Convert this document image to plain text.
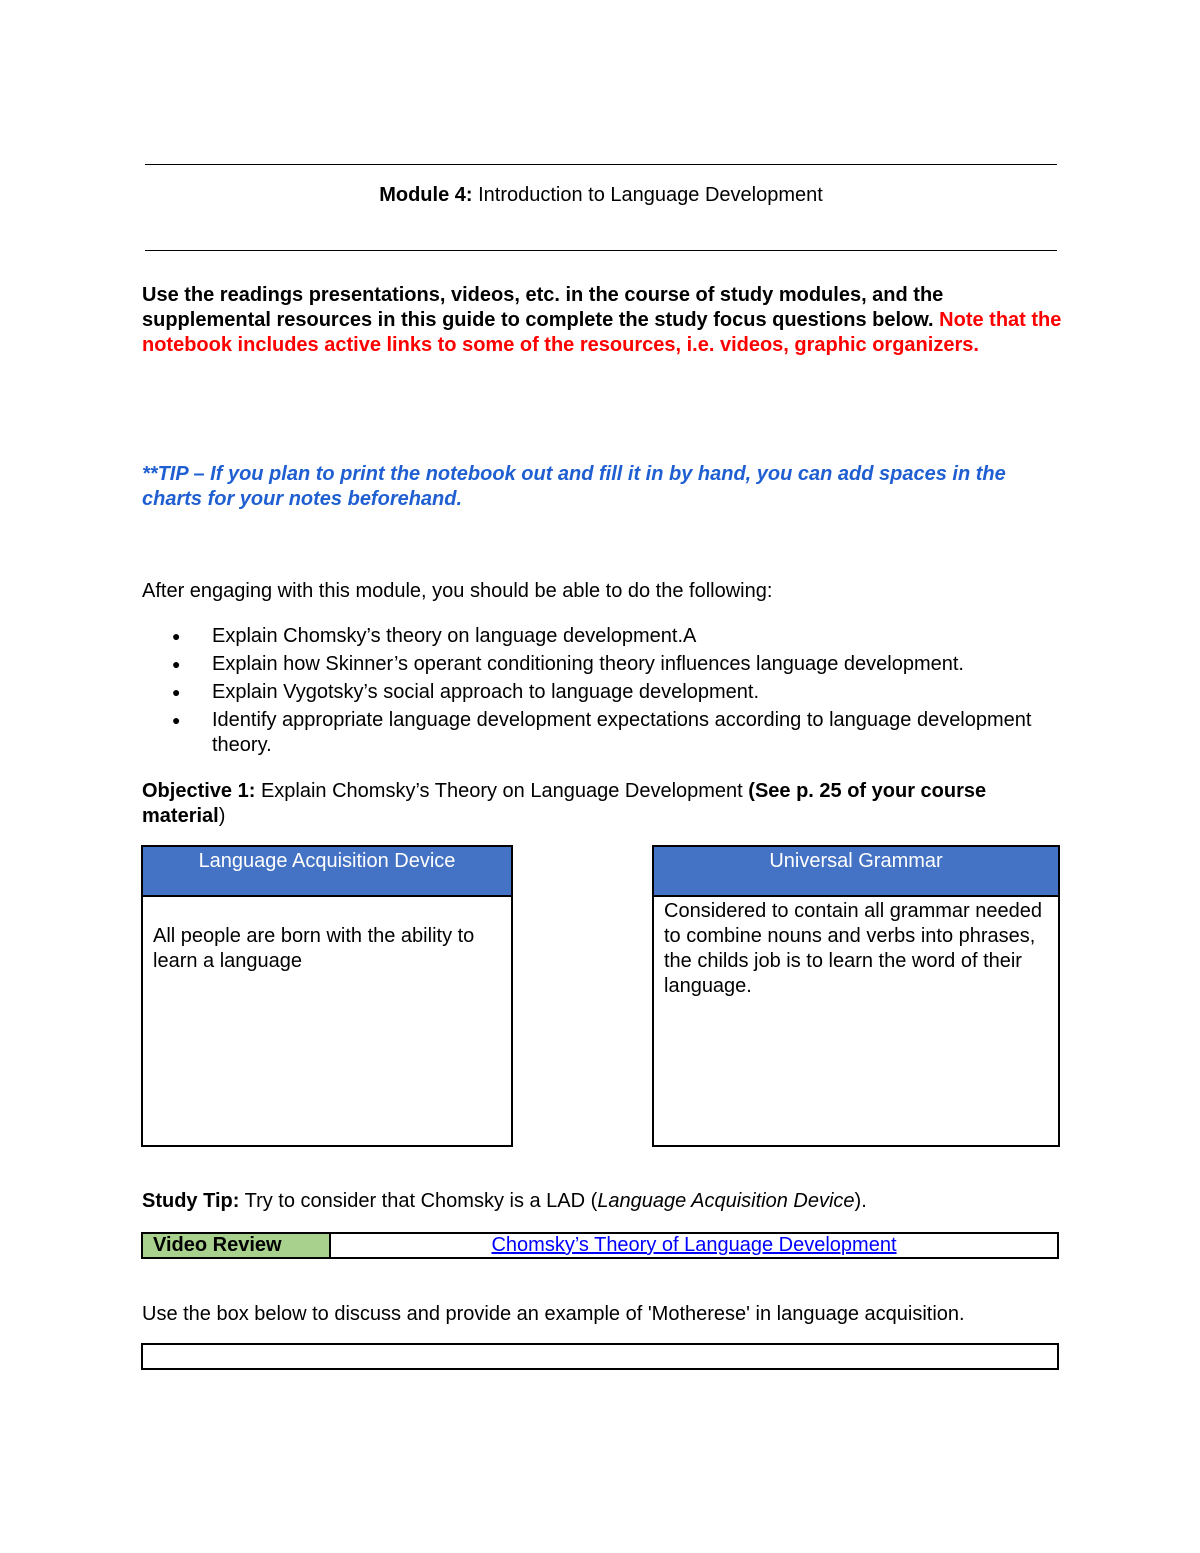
Module 4: Introduction to Language Development
Use the readings presentations, videos, etc. in the course of study modules, and the supplemental resources in this guide to complete the study focus questions below. Note that the notebook includes active links to some of the resources, i.e. videos, graphic organizers.
**TIP – If you plan to print the notebook out and fill it in by hand, you can add spaces in the charts for your notes beforehand.
After engaging with this module, you should be able to do the following:
● Explain Chomsky’s theory on language development.A
● Explain how Skinner’s operant conditioning theory influences language development.
● Explain Vygotsky’s social approach to language development.
● Identify appropriate language development expectations according to language development theory.
Objective 1: Explain Chomsky’s Theory on Language Development (See p. 25 of your course material)
Language Acquisition Device
All people are born with the ability to learn a language
Universal Grammar
Considered to contain all grammar needed to combine nouns and verbs into phrases, the childs job is to learn the word of their language.
Study Tip: Try to consider that Chomsky is a LAD (Language Acquisition Device).
Video Review	Chomsky’s Theory of Language Development
Use the box below to discuss and provide an example of 'Motherese' in language acquisition.
